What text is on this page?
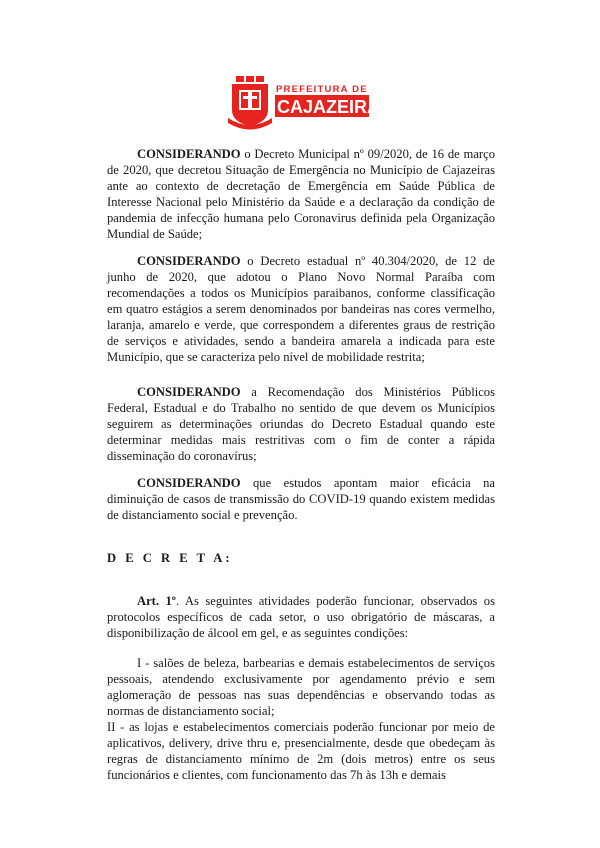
PREFEITURA DE
CAJAZEIRAS
CONSIDERANDO o Decreto Municipal nº 09/2020, de 16 de março de 2020, que decretou Situação de Emergência no Município de Cajazeiras ante ao contexto de decretação de Emergência em Saúde Pública de Interesse Nacional pelo Ministério da Saúde e a declaração da condição de pandemia de infecção humana pelo Coronavirus definida pela Organização Mundial de Saúde;
CONSIDERANDO o Decreto estadual nº 40.304/2020, de 12 de junho de 2020, que adotou o Plano Novo Normal Paraíba com recomendações a todos os Municípios paraibanos, conforme classificação em quatro estágios a serem denominados por bandeiras nas cores vermelho, laranja, amarelo e verde, que correspondem a diferentes graus de restrição de serviços e atividades, sendo a bandeira amarela a indicada para este Município, que se caracteriza pelo nível de mobilidade restrita;
CONSIDERANDO a Recomendação dos Ministérios Públicos Federal, Estadual e do Trabalho no sentido de que devem os Municípios seguirem as determinações oriundas do Decreto Estadual quando este determinar medidas mais restritivas com o fim de conter a rápida disseminação do coronavírus;
CONSIDERANDO que estudos apontam maior eficácia na diminuição de casos de transmissão do COVID-19 quando existem medidas de distanciamento social e prevenção.
D E C R E T A:
Art. 1º. As seguintes atividades poderão funcionar, observados os protocolos específicos de cada setor, o uso obrigatório de máscaras, a disponibilização de álcool em gel, e as seguintes condições:
I - salões de beleza, barbearias e demais estabelecimentos de serviços pessoais, atendendo exclusivamente por agendamento prévio e sem aglomeração de pessoas nas suas dependências e observando todas as normas de distanciamento social;
II - as lojas e estabelecimentos comerciais poderão funcionar por meio de aplicativos, delivery, drive thru e, presencialmente, desde que obedeçam às regras de distanciamento mínimo de 2m (dois metros) entre os seus funcionários e clientes, com funcionamento das 7h às 13h e demais
